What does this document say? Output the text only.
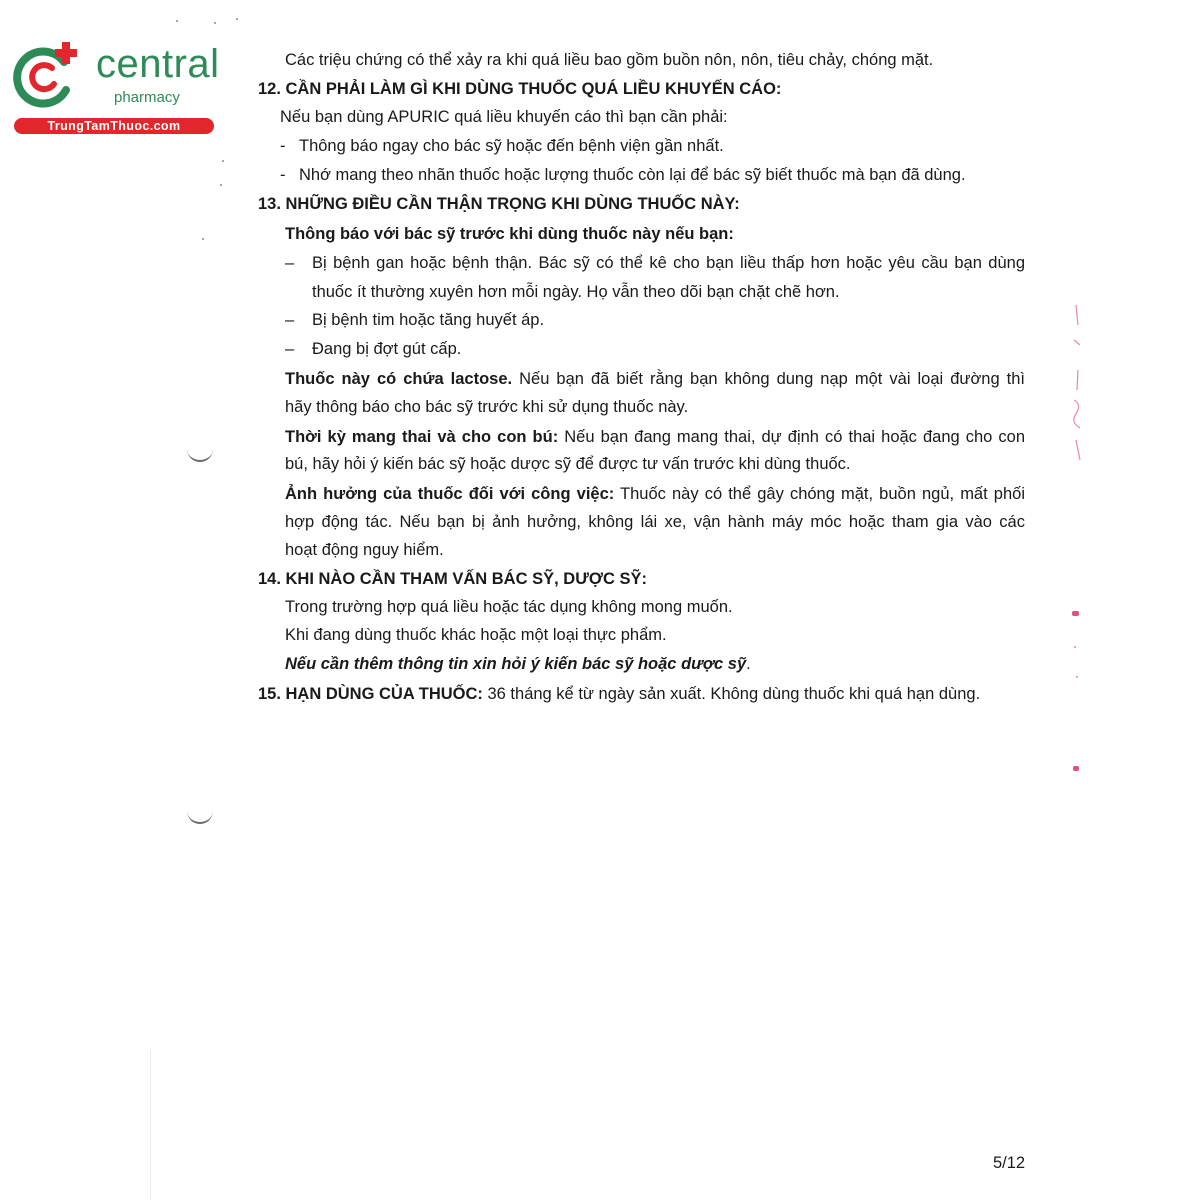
central
pharmacy
TrungTamThuoc.com
Các triệu chứng có thể xảy ra khi quá liều bao gồm buồn nôn, nôn, tiêu chảy, chóng mặt.
12. CẦN PHẢI LÀM GÌ KHI DÙNG THUỐC QUÁ LIỀU KHUYẾN CÁO:
Nếu bạn dùng APURIC quá liều khuyến cáo thì bạn cần phải:
- Thông báo ngay cho bác sỹ hoặc đến bệnh viện gần nhất.
- Nhớ mang theo nhãn thuốc hoặc lượng thuốc còn lại để bác sỹ biết thuốc mà bạn đã dùng.
13. NHỮNG ĐIỀU CẦN THẬN TRỌNG KHI DÙNG THUỐC NÀY:
Thông báo với bác sỹ trước khi dùng thuốc này nếu bạn:
– Bị bệnh gan hoặc bệnh thận. Bác sỹ có thể kê cho bạn liều thấp hơn hoặc yêu cầu bạn dùng
thuốc ít thường xuyên hơn mỗi ngày. Họ vẫn theo dõi bạn chặt chẽ hơn.
– Bị bệnh tim hoặc tăng huyết áp.
– Đang bị đợt gút cấp.
Thuốc này có chứa lactose. Nếu bạn đã biết rằng bạn không dung nạp một vài loại đường thì
hãy thông báo cho bác sỹ trước khi sử dụng thuốc này.
Thời kỳ mang thai và cho con bú: Nếu bạn đang mang thai, dự định có thai hoặc đang cho con
bú, hãy hỏi ý kiến bác sỹ hoặc dược sỹ để được tư vấn trước khi dùng thuốc.
Ảnh hưởng của thuốc đối với công việc: Thuốc này có thể gây chóng mặt, buồn ngủ, mất phối
hợp động tác. Nếu bạn bị ảnh hưởng, không lái xe, vận hành máy móc hoặc tham gia vào các
hoạt động nguy hiểm.
14. KHI NÀO CẦN THAM VẤN BÁC SỸ, DƯỢC SỸ:
Trong trường hợp quá liều hoặc tác dụng không mong muốn.
Khi đang dùng thuốc khác hoặc một loại thực phẩm.
Nếu cần thêm thông tin xin hỏi ý kiến bác sỹ hoặc dược sỹ.
15. HẠN DÙNG CỦA THUỐC: 36 tháng kể từ ngày sản xuất. Không dùng thuốc khi quá hạn dùng.
5/12
